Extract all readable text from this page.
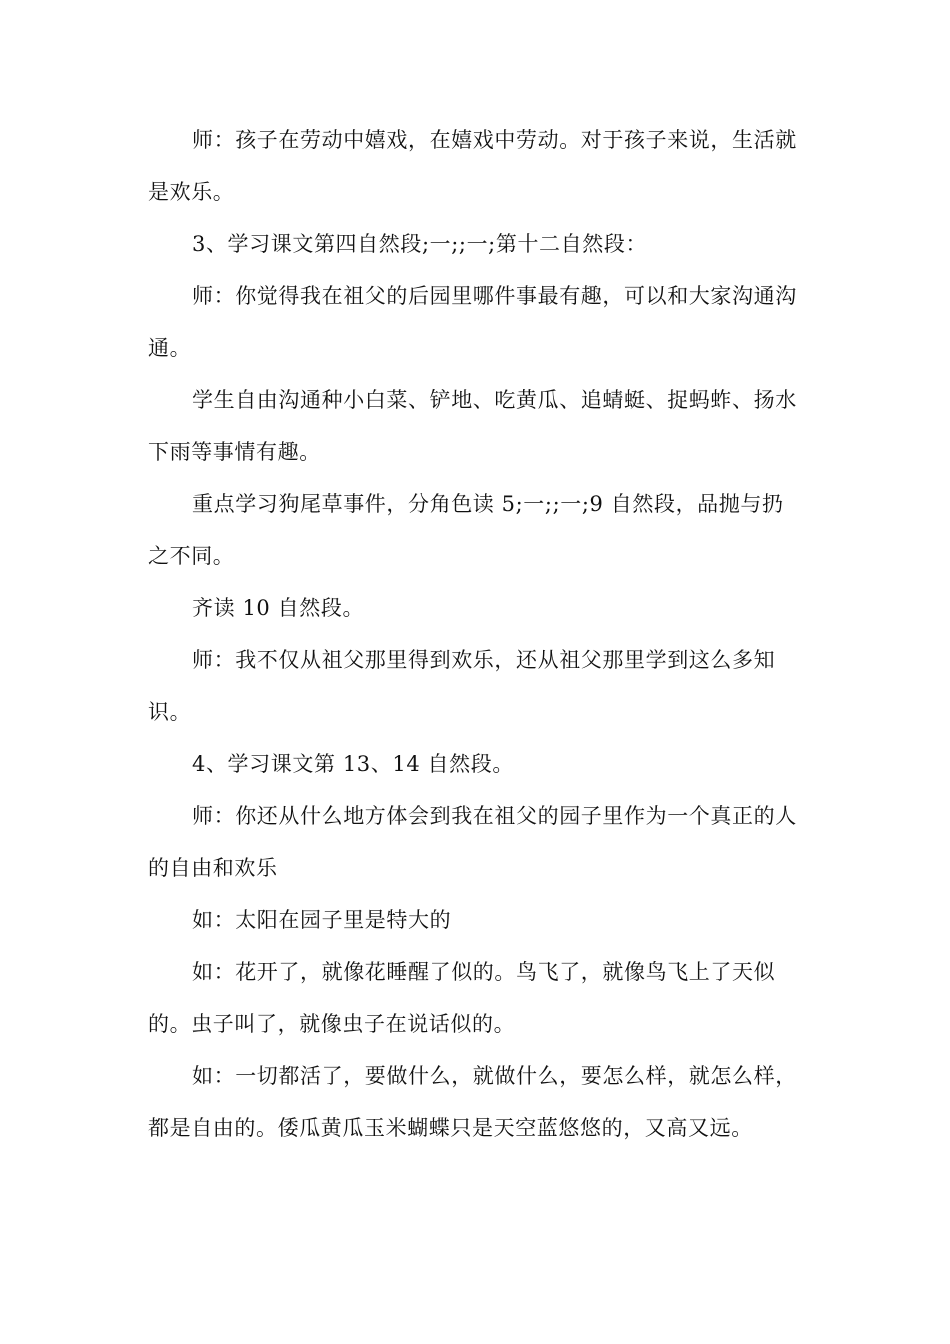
师：孩子在劳动中嬉戏，在嬉戏中劳动。对于孩子来说，生活就是欢乐。

3、学习课文第四自然段;一;;一;第十二自然段：

师：你觉得我在祖父的后园里哪件事最有趣，可以和大家沟通沟通。

学生自由沟通种小白菜、铲地、吃黄瓜、追蜻蜓、捉蚂蚱、扬水下雨等事情有趣。

重点学习狗尾草事件，分角色读 5;一;;一;9 自然段，品抛与扔之不同。

齐读 10 自然段。

师：我不仅从祖父那里得到欢乐，还从祖父那里学到这么多知识。

4、学习课文第 13、14 自然段。

师：你还从什么地方体会到我在祖父的园子里作为一个真正的人的自由和欢乐

如：太阳在园子里是特大的

如：花开了，就像花睡醒了似的。鸟飞了，就像鸟飞上了天似的。虫子叫了，就像虫子在说话似的。

如：一切都活了，要做什么，就做什么，要怎么样，就怎么样，都是自由的。倭瓜黄瓜玉米蝴蝶只是天空蓝悠悠的，又高又远。
